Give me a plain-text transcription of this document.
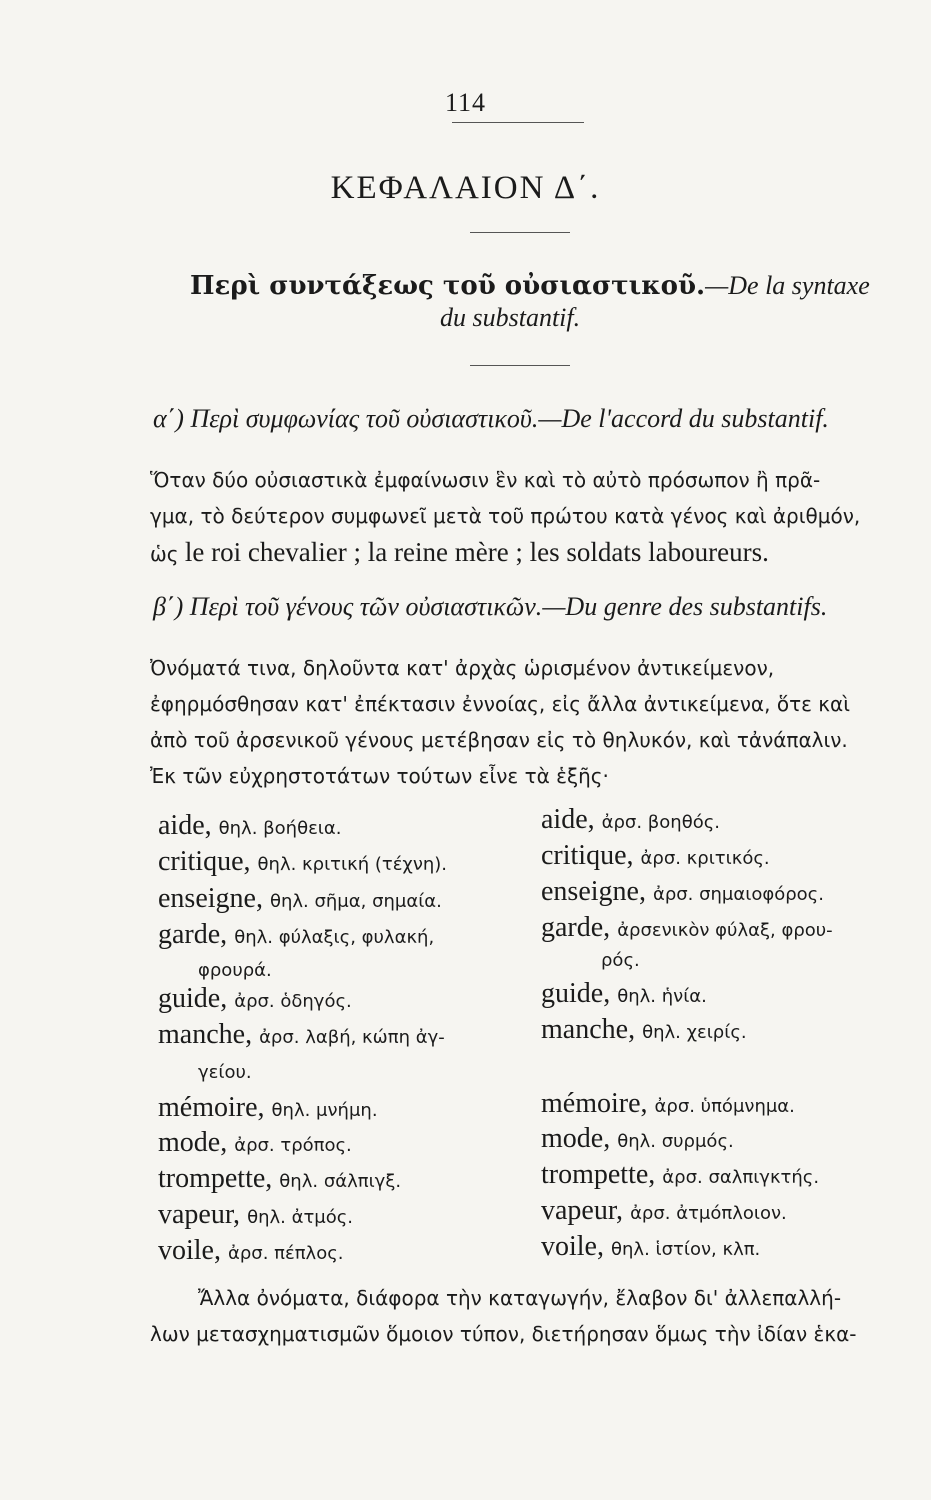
114
ΚΕΦΑΛΑΙΟΝ Δ΄.
Περὶ συντάξεως τοῦ οὐσιαστικοῦ.—De la syntaxe
du substantif.
α΄) Περὶ συμφωνίας τοῦ οὐσιαστικοῦ.—De l'accord du substantif.

Ὅταν δύο οὐσιαστικὰ ἐμφαίνωσιν ἓν καὶ τὸ αὐτὸ πρόσωπον ἢ πρᾶ-

γμα, τὸ δεύτερον συμφωνεῖ μετὰ τοῦ πρώτου κατὰ γένος καὶ ἀριθμόν,

ὡς le roi chevalier ; la reine mère ; les soldats laboureurs.

β΄) Περὶ τοῦ γένους τῶν οὐσιαστικῶν.—Du genre des substantifs.

Ὀνόματά τινα, δηλοῦντα κατ' ἀρχὰς ὡρισμένον ἀντικείμενον,

ἐφηρμόσθησαν κατ' ἐπέκτασιν ἐννοίας, εἰς ἄλλα ἀντικείμενα, ὅτε καὶ

ἀπὸ τοῦ ἀρσενικοῦ γένους μετέβησαν εἰς τὸ θηλυκόν, καὶ τἀνάπαλιν.

Ἐκ τῶν εὐχρηστοτάτων τούτων εἶνε τὰ ἑξῆς·

aide, θηλ. βοήθεια.
critique, θηλ. κριτική (τέχνη).
enseigne, θηλ. σῆμα, σημαία.
garde, θηλ. φύλαξις, φυλακή,
φρουρά.
guide, ἀρσ. ὁδηγός.
manche, ἀρσ. λαβή, κώπη ἀγ-
γείου.
mémoire, θηλ. μνήμη.
mode, ἀρσ. τρόπος.
trompette, θηλ. σάλπιγξ.
vapeur, θηλ. ἀτμός.
voile, ἀρσ. πέπλος.
aide, ἀρσ. βοηθός.
critique, ἀρσ. κριτικός.
enseigne, ἀρσ. σημαιοφόρος.
garde, ἀρσενικὸν φύλαξ, φρου-
ρός.
guide, θηλ. ἡνία.
manche, θηλ. χειρίς.
mémoire, ἀρσ. ὑπόμνημα.
mode, θηλ. συρμός.
trompette, ἀρσ. σαλπιγκτής.
vapeur, ἀρσ. ἀτμόπλοιον.
voile, θηλ. ἱστίον, κλπ.

Ἄλλα ὀνόματα, διάφορα τὴν καταγωγήν, ἔλαβον δι' ἀλλεπαλλή-

λων μετασχηματισμῶν ὅμοιον τύπον, διετήρησαν ὅμως τὴν ἰδίαν ἑκα-
